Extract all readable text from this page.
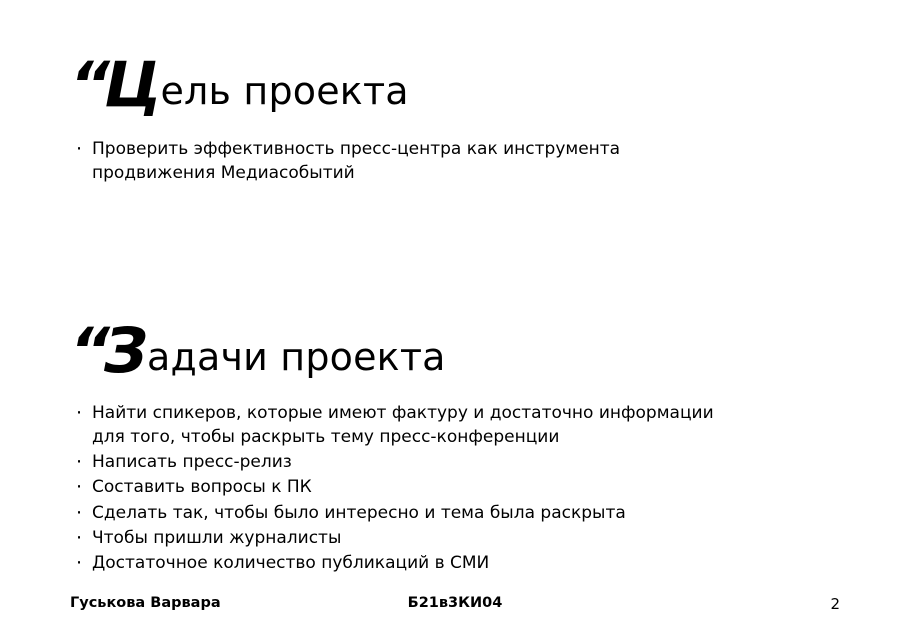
“Цель проекта
· Проверить эффективность пресс-центра как инструмента продвижения Медиасобытий
“Задачи проекта
· Найти спикеров, которые имеют фактуру и достаточно информации для того, чтобы раскрыть тему пресс-конференции
· Написать пресс-релиз
· Составить вопросы к ПК
· Сделать так, чтобы было интересно и тема была раскрыта
· Чтобы пришли журналисты
· Достаточное количество публикаций в СМИ
Гуськова Варвара	Б21в3КИ04	2
